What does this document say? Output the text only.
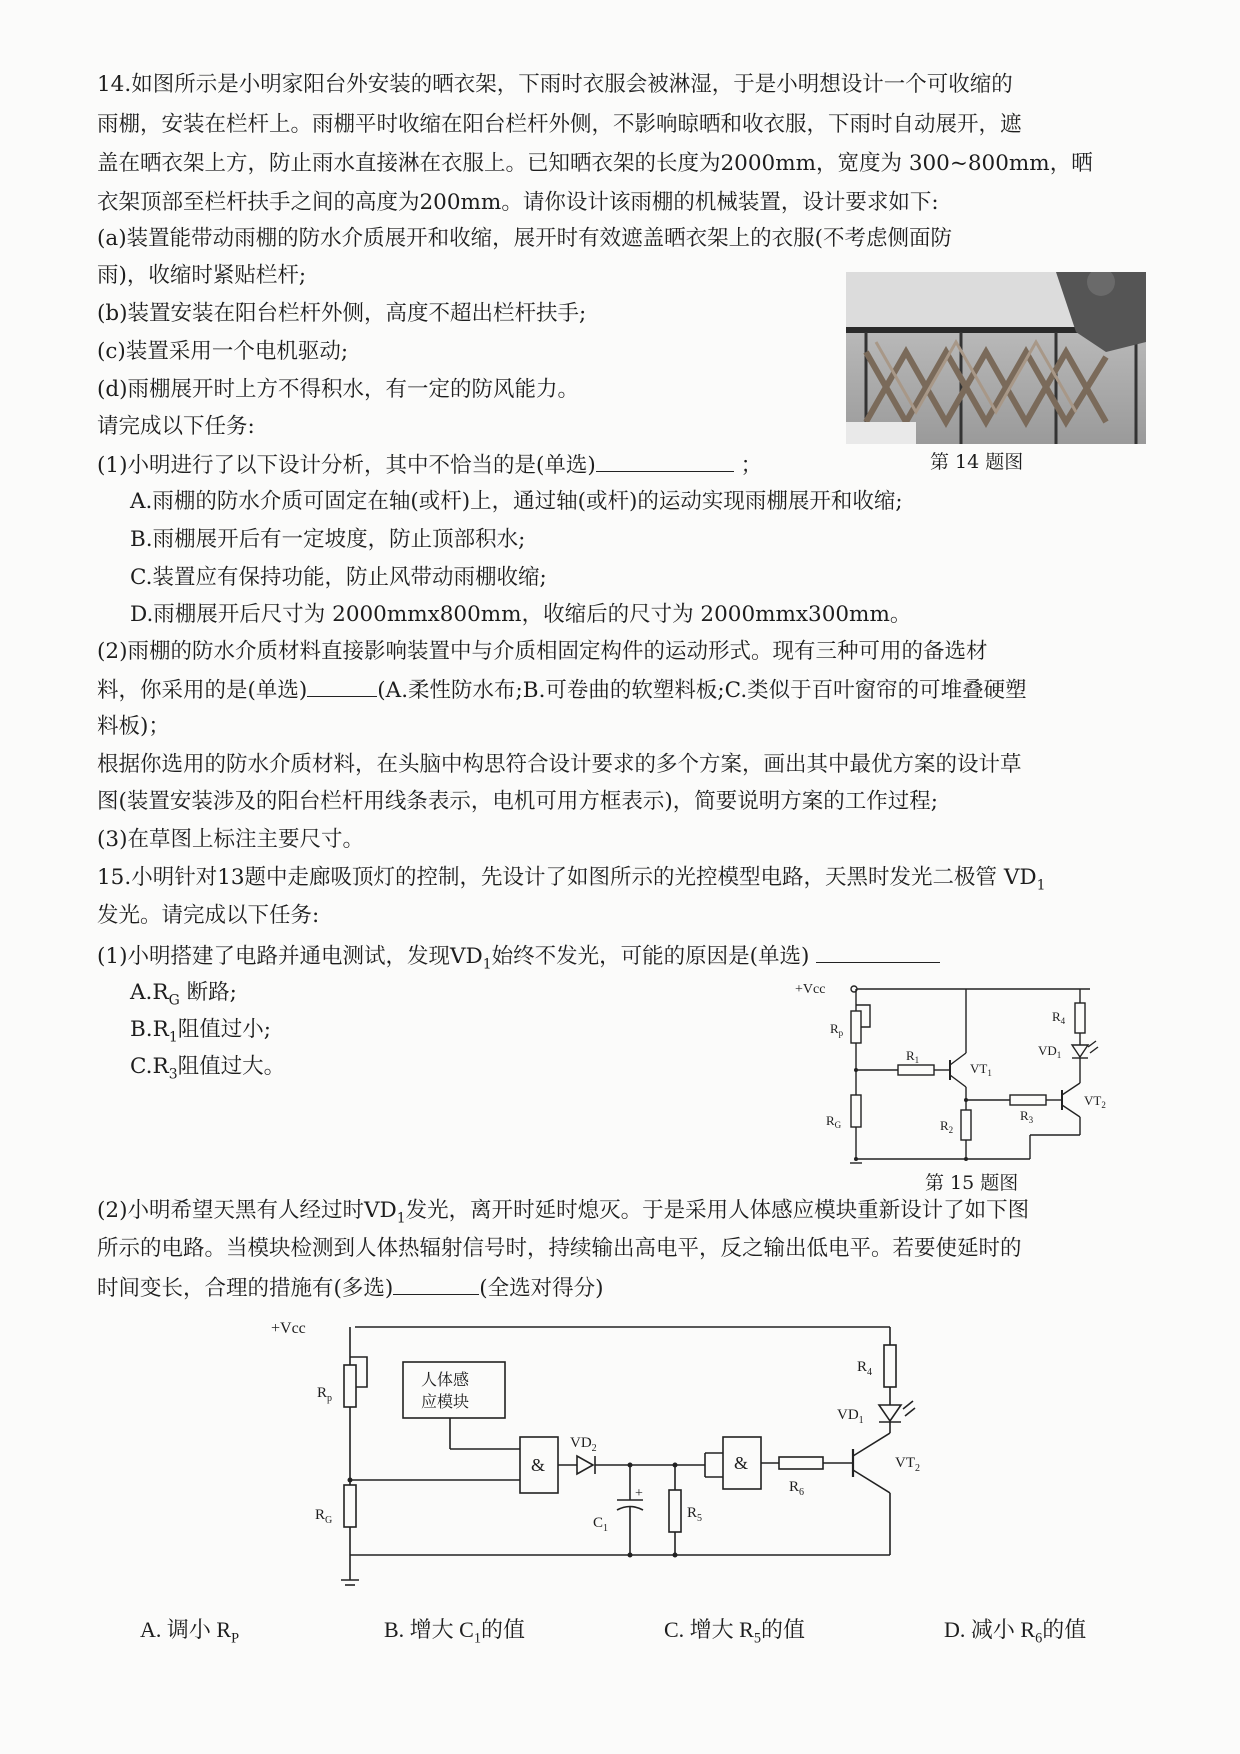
14.如图所示是小明家阳台外安装的晒衣架，下雨时衣服会被淋湿，于是小明想设计一个可收缩的
雨棚，安装在栏杆上。雨棚平时收缩在阳台栏杆外侧，不影响晾晒和收衣服，下雨时自动展开，遮
盖在晒衣架上方，防止雨水直接淋在衣服上。已知晒衣架的长度为2000mm，宽度为 300~800mm，晒
衣架顶部至栏杆扶手之间的高度为200mm。请你设计该雨棚的机械装置，设计要求如下:
(a)装置能带动雨棚的防水介质展开和收缩，展开时有效遮盖晒衣架上的衣服(不考虑侧面防
雨)，收缩时紧贴栏杆;
(b)装置安装在阳台栏杆外侧，高度不超出栏杆扶手;
(c)装置采用一个电机驱动;
(d)雨棚展开时上方不得积水，有一定的防风能力。
请完成以下任务:
(1)小明进行了以下设计分析，其中不恰当的是(单选)	；
A.雨棚的防水介质可固定在轴(或杆)上，通过轴(或杆)的运动实现雨棚展开和收缩;
B.雨棚展开后有一定坡度，防止顶部积水;
C.装置应有保持功能，防止风带动雨棚收缩;
D.雨棚展开后尺寸为 2000mmx800mm，收缩后的尺寸为 2000mmx300mm。
(2)雨棚的防水介质材料直接影响装置中与介质相固定构件的运动形式。现有三种可用的备选材
料，你采用的是(单选)	(A.柔性防水布;B.可卷曲的软塑料板;C.类似于百叶窗帘的可堆叠硬塑
料板)；
根据你选用的防水介质材料，在头脑中构思符合设计要求的多个方案，画出其中最优方案的设计草
图(装置安装涉及的阳台栏杆用线条表示，电机可用方框表示)，简要说明方案的工作过程;
(3)在草图上标注主要尺寸。
第 14 题图
15.小明针对13题中走廊吸顶灯的控制，先设计了如图所示的光控模型电路，天黑时发光二极管 $VD_1$
发光。请完成以下任务:
(1)小明搭建了电路并通电测试，发现$VD_1$始终不发光，可能的原因是(单选)
$A.R_G$ 断路;
$B.R_1$阻值过小;
$C.R_3$阻值过大。
(2)小明希望天黑有人经过时$VD_1$发光，离开时延时熄灭。于是采用人体感应模块重新设计了如下图
所示的电路。当模块检测到人体热辐射信号时，持续输出高电平，反之输出低电平。若要使延时的
时间变长，合理的措施有(多选)	(全选对得分)
+Vcc
$R_p$
$R_G$
$R_1$
$R_2$
$R_3$
$R_4$
$VT_1$
$VT_2$
$VD_1$
第 15 题图
+Vcc
人体感
应模块
&	&
$R_p$
$R_G$
$VD_2$
+
$C_1$
$R_5$
$R_6$
$R_4$
$VD_1$
$VT_2$
A. 调小 $R_P$	B. 增大 $C_1$的值	C. 增大 $R_5$的值	D. 减小 $R_6$的值
